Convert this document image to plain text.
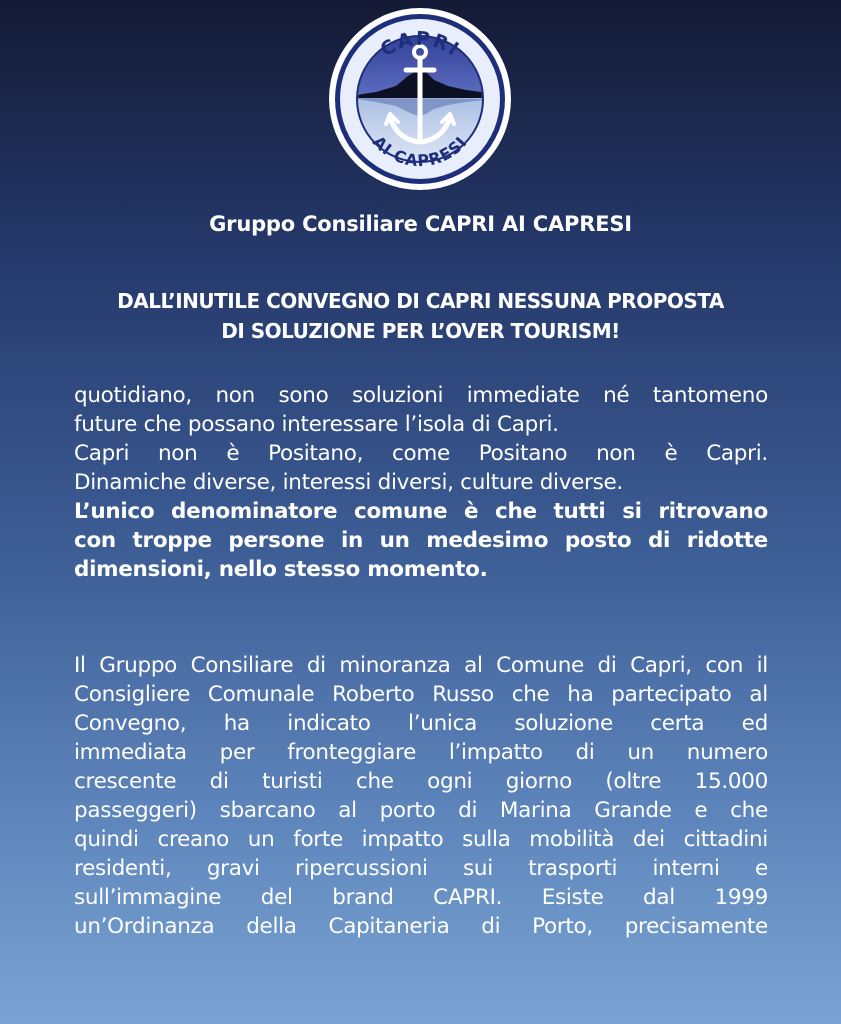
CAPRI
AI CAPRESI
Gruppo Consiliare CAPRI AI CAPRESI
DALL’INUTILE CONVEGNO DI CAPRI NESSUNA PROPOSTA
DI SOLUZIONE PER L’OVER TOURISM!
quotidiano, non sono soluzioni immediate né tantomeno
future che possano interessare l’isola di Capri.
Capri non è Positano, come Positano non è Capri.
Dinamiche diverse, interessi diversi, culture diverse.
L’unico denominatore comune è che tutti si ritrovano
con troppe persone in un medesimo posto di ridotte
dimensioni, nello stesso momento.
Il Gruppo Consiliare di minoranza al Comune di Capri, con il
Consigliere Comunale Roberto Russo che ha partecipato al
Convegno, ha indicato l’unica soluzione certa ed
immediata per fronteggiare l’impatto di un numero
crescente di turisti che ogni giorno (oltre 15.000
passeggeri) sbarcano al porto di Marina Grande e che
quindi creano un forte impatto sulla mobilità dei cittadini
residenti, gravi ripercussioni sui trasporti interni e
sull’immagine del brand CAPRI. Esiste dal 1999
un’Ordinanza della Capitaneria di Porto, precisamente
